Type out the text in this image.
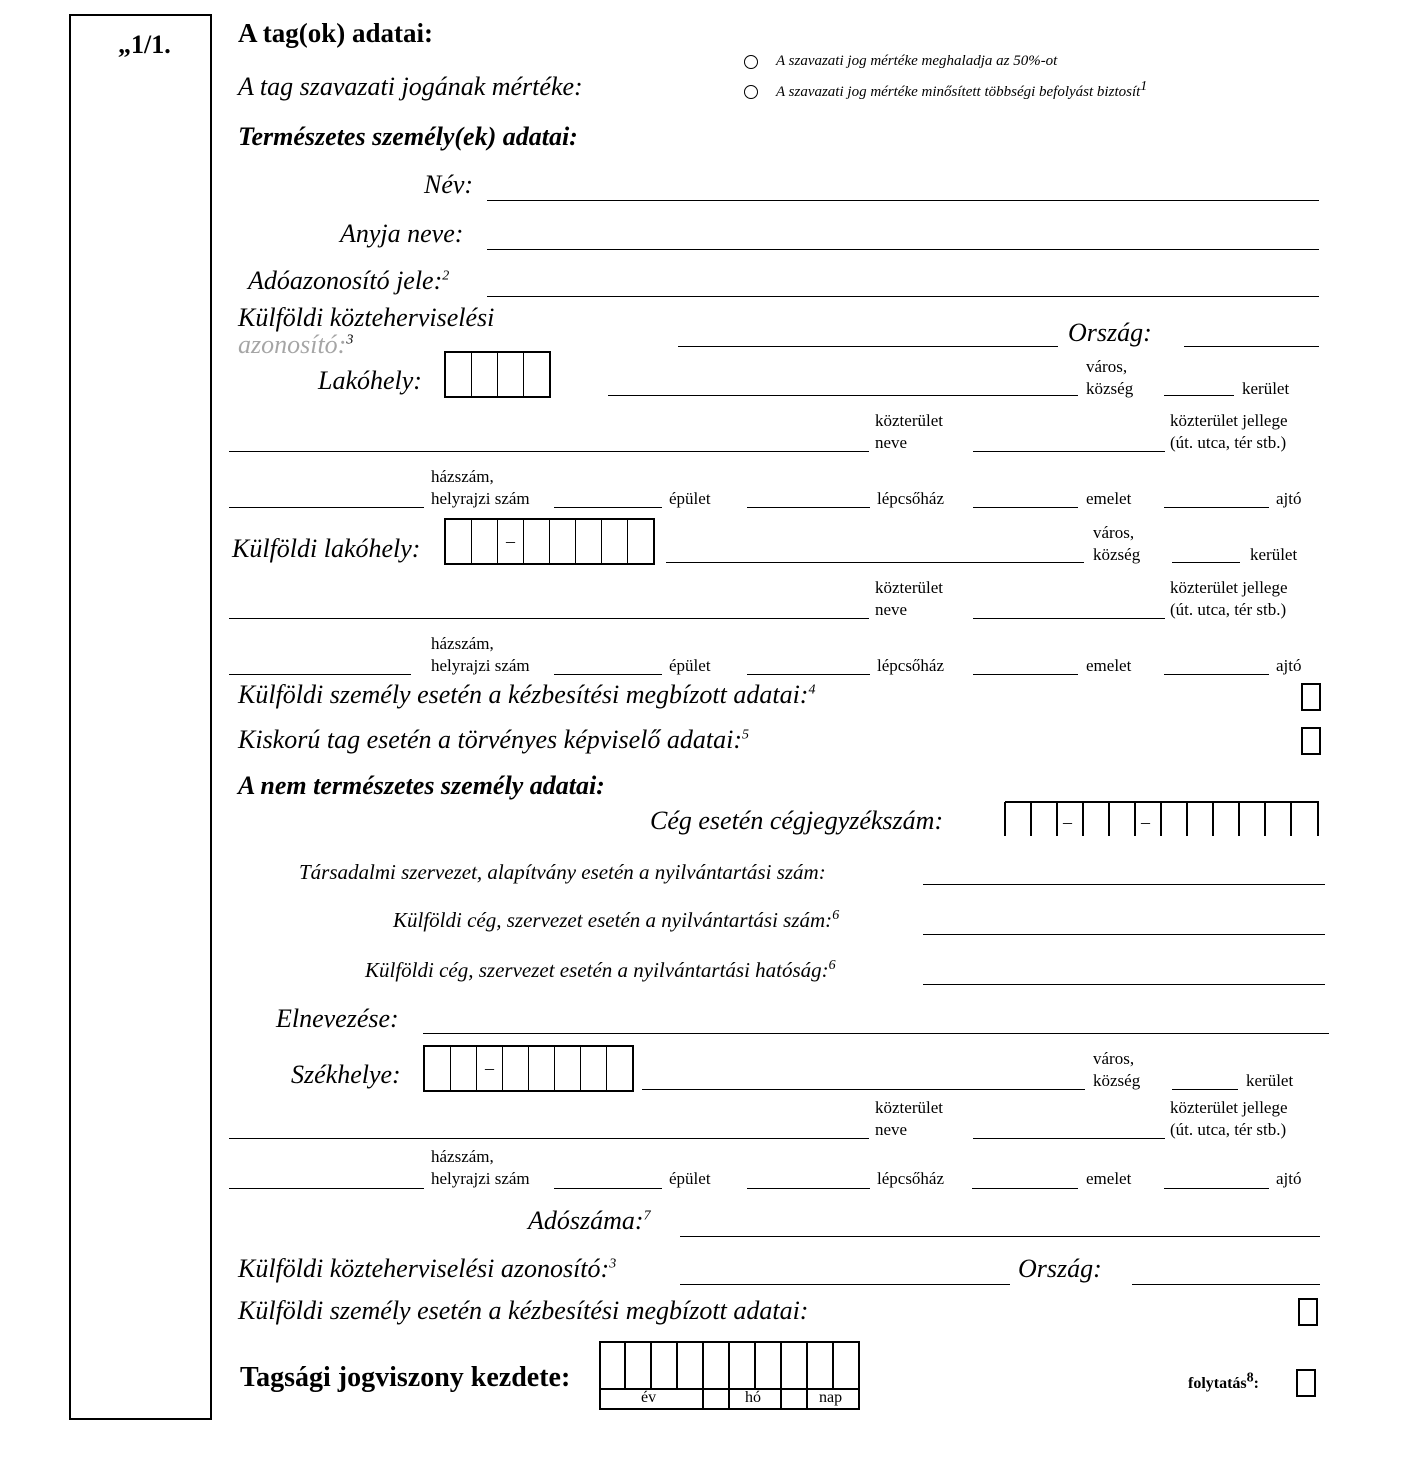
„1/1. A tag(ok) adatai:
A tag szavazati jogának mértéke:
A szavazati jog mértéke meghaladja az 50%-ot
A szavazati jog mértéke minősített többségi befolyást biztosít$^1$
Természetes személy(ek) adatai:
Név:
Anyja neve:
Adóazonosító jele:$^2$
Külföldi közteherviselési
azonosító:$^3$	Ország:
Lakóhely:	város,
község	kerület
közterület
neve
közterület jellege
(út. utca, tér stb.)
házszám,
helyrajzi szám	épület	lépcsőház	emelet	ajtó
Külföldi lakóhely:	–	város,
község	kerület
közterület
neve
közterület jellege
(út. utca, tér stb.)
házszám,
helyrajzi szám	épület	lépcsőház	emelet	ajtó
Külföldi személy esetén a kézbesítési megbízott adatai:$^4$
Kiskorú tag esetén a törvényes képviselő adatai:$^5$
A nem természetes személy adatai:
Cég esetén cégjegyzékszám:	–	–
Társadalmi szervezet, alapítvány esetén a nyilvántartási szám:
Külföldi cég, szervezet esetén a nyilvántartási szám:$^6$
Külföldi cég, szervezet esetén a nyilvántartási hatóság:$^6$
Elnevezése:
Székhelye:	–	város,
község	kerület
közterület
neve
közterület jellege
(út. utca, tér stb.)
házszám,
helyrajzi szám	épület	lépcsőház	emelet	ajtó
Adószáma:$^7$
Külföldi közteherviselési azonosító:$^3$	Ország:
Külföldi személy esetén a kézbesítési megbízott adatai:
Tagsági jogviszony kezdete:
év	hó	nap
folytatás$^8$:
